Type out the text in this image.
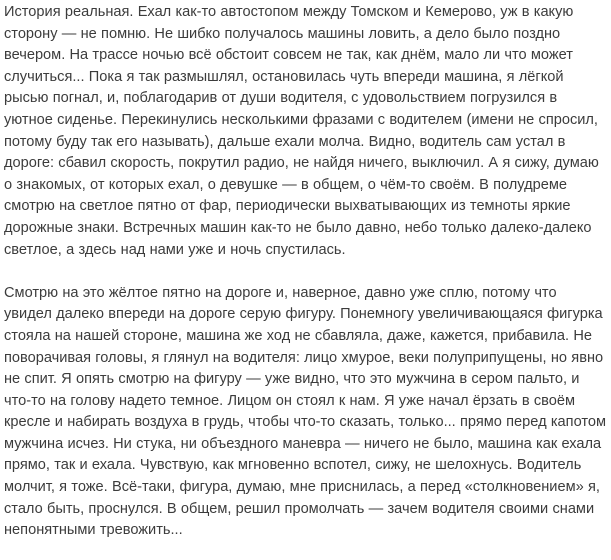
История реальная. Ехал как-то автостопом между Томском и Кемерово, уж в какую сторону — не помню. Не шибко получалось машины ловить, а дело было поздно вечером. На трассе ночью всё обстоит совсем не так, как днём, мало ли что может случиться... Пока я так размышлял, остановилась чуть впереди машина, я лёгкой рысью погнал, и, поблагодарив от души водителя, с удовольствием погрузился в уютное сиденье. Перекинулись несколькими фразами с водителем (имени не спросил, потому буду так его называть), дальше ехали молча. Видно, водитель сам устал в дороге: сбавил скорость, покрутил радио, не найдя ничего, выключил. А я сижу, думаю о знакомых, от которых ехал, о девушке — в общем, о чём-то своём. В полудреме смотрю на светлое пятно от фар, периодически выхватывающих из темноты яркие дорожные знаки. Встречных машин как-то не было давно, небо только далеко-далеко светлое, а здесь над нами уже и ночь спустилась.

Смотрю на это жёлтое пятно на дороге и, наверное, давно уже сплю, потому что увидел далеко впереди на дороге серую фигуру. Понемногу увеличивающаяся фигурка стояла на нашей стороне, машина же ход не сбавляла, даже, кажется, прибавила. Не поворачивая головы, я глянул на водителя: лицо хмурое, веки полуприпущены, но явно не спит. Я опять смотрю на фигуру — уже видно, что это мужчина в сером пальто, и что-то на голову надето темное. Лицом он стоял к нам. Я уже начал ёрзать в своём кресле и набирать воздуха в грудь, чтобы что-то сказать, только... прямо перед капотом мужчина исчез. Ни стука, ни объездного маневра — ничего не было, машина как ехала прямо, так и ехала. Чувствую, как мгновенно вспотел, сижу, не шелохнусь. Водитель молчит, я тоже. Всё-таки, фигура, думаю, мне приснилась, а перед «столкновением» я, стало быть, проснулся. В общем, решил промолчать — зачем водителя своими снами непонятными тревожить...
